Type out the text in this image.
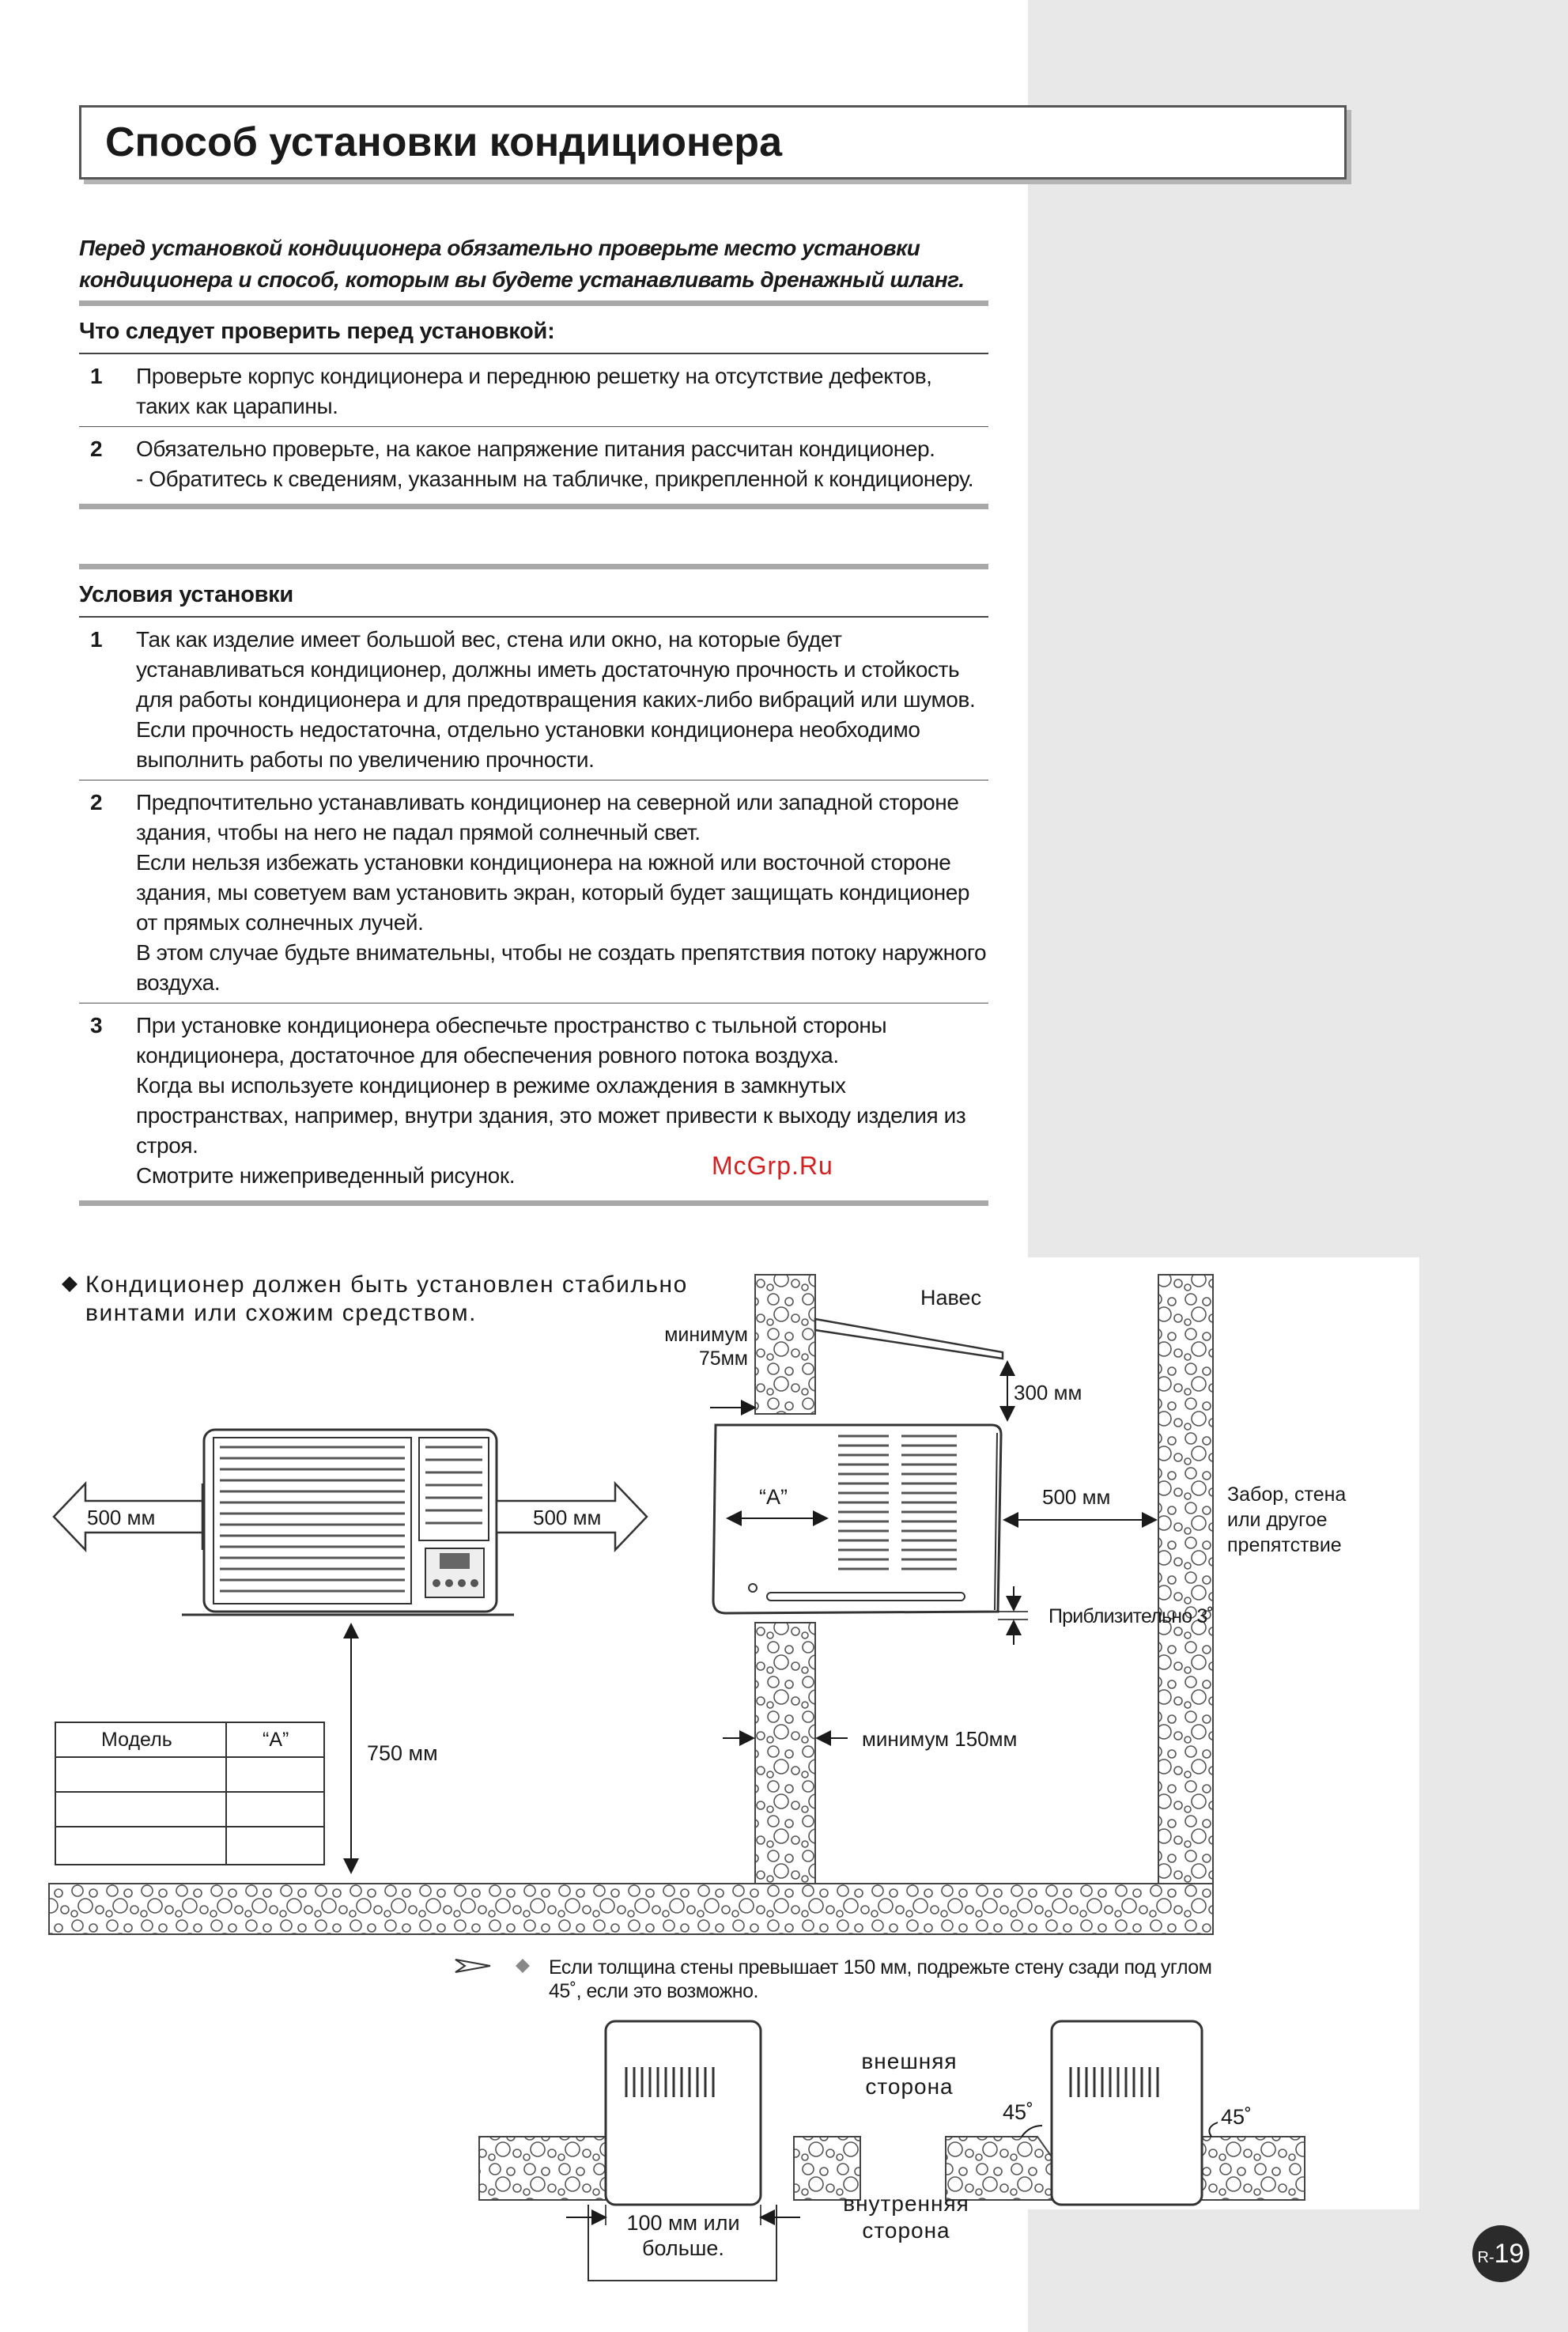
Способ установки кондиционера
Перед установкой кондиционера обязательно проверьте место установки кондиционера и способ, которым вы будете устанавливать дренажный шланг.
Что следует проверить перед установкой:
1 Проверьте корпус кондиционера и переднюю решетку на отсутствие дефектов, таких как царапины.
2 Обязательно проверьте, на какое напряжение питания рассчитан кондиционер.
- Обратитесь к сведениям, указанным на табличке, прикрепленной к кондиционеру.
Условия установки
1 Так как изделие имеет большой вес, стена или окно, на которые будет устанавливаться кондиционер, должны иметь достаточную прочность и стойкость для работы кондиционера и для предотвращения каких-либо вибраций или шумов.
Если прочность недостаточна, отдельно установки кондиционера необходимо выполнить работы по увеличению прочности.
2 Предпочтительно устанавливать кондиционер на северной или западной стороне здания, чтобы на него не падал прямой солнечный свет.
Если нельзя избежать установки кондиционера на южной или восточной стороне здания, мы советуем вам установить экран, который будет защищать кондиционер от прямых солнечных лучей.
В этом случае будьте внимательны, чтобы не создать препятствия потоку наружного воздуха.
3 При установке кондиционера обеспечьте пространство с тыльной стороны кондиционера, достаточное для обеспечения ровного потока воздуха.
Когда вы используете кондиционер в режиме охлаждения в замкнутых пространствах, например, внутри здания, это может привести к выходу изделия из строя.
Смотрите нижеприведенный рисунок.	McGrp.Ru
Кондиционер должен быть установлен стабильно
винтами или схожим средством.
Навес
500 мм	500 мм
750 мм
Модель	“A”
“A”
минимум
75мм
300 мм
500 мм	Забор, стена
или другое
препятствие
Приблизительно 3˚
минимум 150мм
Если толщина стены превышает 150 мм, подрежьте стену сзади под углом
45˚, если это возможно.
45˚	45˚
внешняя
сторона
внутренняя
сторона
100 мм или
больше.	R-19
